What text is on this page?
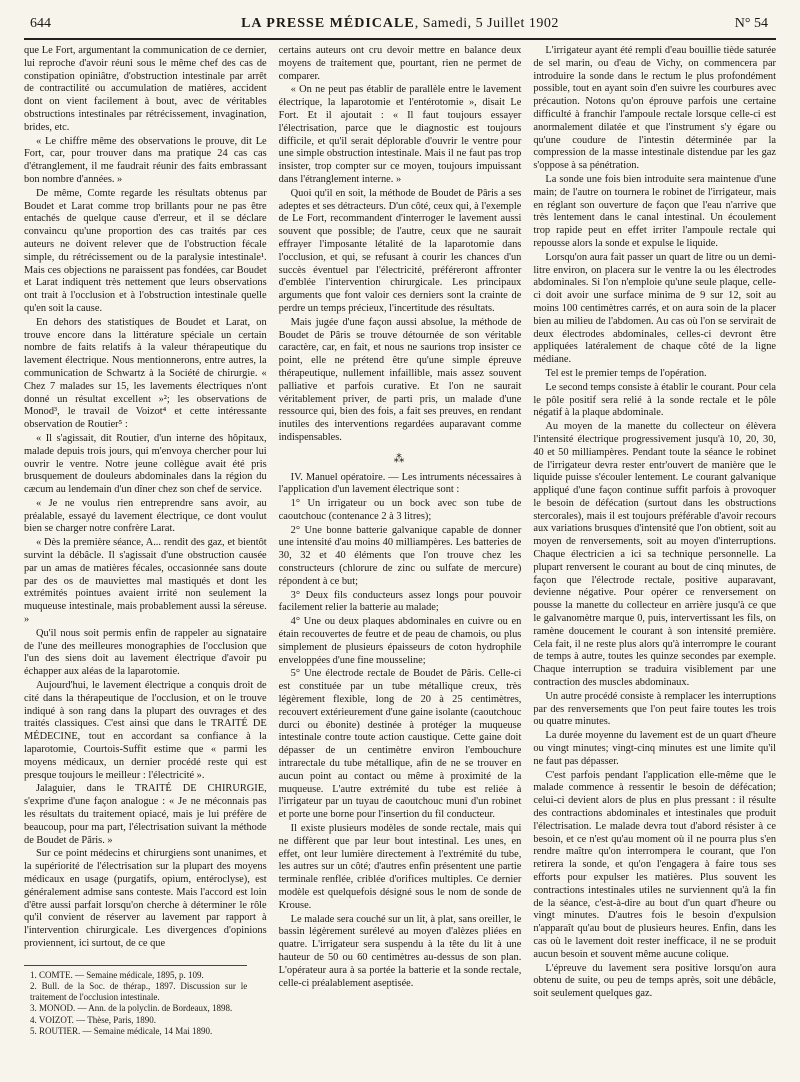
644	LA PRESSE MÉDICALE, Samedi, 5 Juillet 1902	N° 54

que Le Fort, argumentant la communication de ce dernier, lui reproche d'avoir réuni sous le même chef des cas de constipation opiniâtre, d'obstruction intestinale par arrêt de contractilité ou accumulation de matières, accident dont on vient facilement à bout, avec de véritables obstructions intestinales par rétrécissement, invagination, brides, etc.

« Le chiffre même des observations le prouve, dit Le Fort, car, pour trouver dans ma pratique 24 cas cas d'étranglement, il me faudrait réunir des faits embrassant bon nombre d'années. »

De même, Comte regarde les résultats obtenus par Boudet et Larat comme trop brillants pour ne pas être entachés de quelque cause d'erreur, et il se déclare convaincu qu'une proportion des cas traités par ces auteurs ne doivent relever que de l'obstruction fécale simple, du rétrécissement ou de la paralysie intestinale¹. Mais ces objections ne paraissent pas fondées, car Boudet et Larat indiquent très nettement que leurs observations ont trait à l'occlusion et à l'obstruction intestinale quelle qu'en soit la cause.

En dehors des statistiques de Boudet et Larat, on trouve encore dans la littérature spéciale un certain nombre de faits relatifs à la valeur thérapeutique du lavement électrique. Nous mentionnerons, entre autres, la communication de Schwartz à la Société de chirurgie. « Chez 7 malades sur 15, les lavements électriques n'ont donné un résultat excellent »²; les observations de Monod³, le travail de Voizot⁴ et cette intéressante observation de Routier⁵ :

« Il s'agissait, dit Routier, d'un interne des hôpitaux, malade depuis trois jours, qui m'envoya chercher pour lui ouvrir le ventre. Notre jeune collègue avait été pris brusquement de douleurs abdominales dans la région du cæcum au lendemain d'un dîner chez son chef de service.

« Je ne voulus rien entreprendre sans avoir, au préalable, essayé du lavement électrique, ce dont voulut bien se charger notre confrère Larat.

« Dès la première séance, A... rendit des gaz, et bientôt survint la débâcle. Il s'agissait d'une obstruction causée par un amas de matières fécales, occasionnée sans doute par des os de mauviettes mal mastiqués et dont les extrémités pointues avaient irrité non seulement la muqueuse intestinale, mais probablement aussi la séreuse. »

Qu'il nous soit permis enfin de rappeler au signataire de l'une des meilleures monographies de l'occlusion que l'un des siens doit au lavement électrique d'avoir pu échapper aux aléas de la laparotomie.

Aujourd'hui, le lavement électrique a conquis droit de cité dans la thérapeutique de l'occlusion, et on le trouve indiqué à son rang dans la plupart des ouvrages et des traités classiques. C'est ainsi que dans le TRAITÉ DE MÉDECINE, tout en accordant sa confiance à la laparotomie, Courtois-Suffit estime que « parmi les moyens médicaux, un dernier procédé reste qui est presque toujours le meilleur : l'électricité ».

Jalaguier, dans le TRAITÉ DE CHIRURGIE, s'exprime d'une façon analogue : « Je ne méconnais pas les résultats du traitement opiacé, mais je lui préfère de beaucoup, pour ma part, l'électrisation suivant la méthode de Boudet de Pâris. »

Sur ce point médecins et chirurgiens sont unanimes, et la supériorité de l'électrisation sur la plupart des moyens médicaux en usage (purgatifs, opium, entéroclyse), est généralement admise sans conteste. Mais l'accord est loin d'être aussi parfait lorsqu'on cherche à déterminer le rôle qu'il convient de réserver au lavement par rapport à l'intervention chirurgicale. Les divergences d'opinions proviennent, ici surtout, de ce que

1. COMTE. — Semaine médicale, 1895, p. 109.
2. Bull. de la Soc. de thérap., 1897. Discussion sur le traitement de l'occlusion intestinale.
3. MONOD. — Ann. de la polyclin. de Bordeaux, 1898.
4. VOIZOT. — Thèse, Paris, 1890.
5. ROUTIER. — Semaine médicale, 14 Mai 1890.

certains auteurs ont cru devoir mettre en balance deux moyens de traitement que, pourtant, rien ne permet de comparer.

« On ne peut pas établir de parallèle entre le lavement électrique, la laparotomie et l'entérotomie », disait Le Fort. Et il ajoutait : « Il faut toujours essayer l'électrisation, parce que le diagnostic est toujours difficile, et qu'il serait déplorable d'ouvrir le ventre pour une simple obstruction intestinale. Mais il ne faut pas trop insister, trop compter sur ce moyen, toujours impuissant dans l'étranglement interne. »

Quoi qu'il en soit, la méthode de Boudet de Pâris a ses adeptes et ses détracteurs. D'un côté, ceux qui, à l'exemple de Le Fort, recommandent d'interroger le lavement aussi souvent que possible; de l'autre, ceux que ne saurait effrayer l'imposante létalité de la laparotomie dans l'occlusion, et qui, se refusant à courir les chances d'un succès éventuel par l'électricité, préféreront affronter d'emblée l'intervention chirurgicale. Les principaux arguments que font valoir ces derniers sont la crainte de perdre un temps précieux, l'incertitude des résultats.

Mais jugée d'une façon aussi absolue, la méthode de Boudet de Pâris se trouve détournée de son véritable caractère, car, en fait, et nous ne saurions trop insister ce point, elle ne prétend être qu'une simple épreuve thérapeutique, nullement infaillible, mais assez souvent palliative et parfois curative. Et l'on ne saurait véritablement priver, de parti pris, un malade d'une ressource qui, bien des fois, a fait ses preuves, en rendant inutiles des interventions regardées auparavant comme indispensables.

⁂

IV. Manuel opératoire. — Les intruments nécessaires à l'application d'un lavement électrique sont :

1° Un irrigateur ou un bock avec son tube de caoutchouc (contenance 2 à 3 litres);

2° Une bonne batterie galvanique capable de donner une intensité d'au moins 40 milliampères. Les batteries de 30, 32 et 40 éléments que l'on trouve chez les constructeurs (chlorure de zinc ou sulfate de mercure) répondent à ce but;

3° Deux fils conducteurs assez longs pour pouvoir facilement relier la batterie au malade;

4° Une ou deux plaques abdominales en cuivre ou en étain recouvertes de feutre et de peau de chamois, ou plus simplement de plusieurs épaisseurs de coton hydrophile enveloppées d'une fine mousseline;

5° Une électrode rectale de Boudet de Pâris. Celle-ci est constituée par un tube métallique creux, très légèrement flexible, long de 20 à 25 centimètres, recouvert extérieurement d'une gaine isolante (caoutchouc durci ou ébonite) destinée à protéger la muqueuse intestinale contre toute action caustique. Cette gaine doit dépasser de un centimètre environ l'embouchure intrarectale du tube métallique, afin de ne se trouver en aucun point au contact ou même à proximité de la muqueuse. L'autre extrémité du tube est reliée à l'irrigateur par un tuyau de caoutchouc muni d'un robinet et porte une borne pour l'insertion du fil conducteur.

Il existe plusieurs modèles de sonde rectale, mais qui ne diffèrent que par leur bout intestinal. Les unes, en effet, ont leur lumière directement à l'extrémité du tube, les autres sur un côté; d'autres enfin présentent une partie terminale renflée, criblée d'orifices multiples. Ce dernier modèle est quelquefois désigné sous le nom de sonde de Krouse.

Le malade sera couché sur un lit, à plat, sans oreiller, le bassin légèrement surélevé au moyen d'alèzes pliées en quatre. L'irrigateur sera suspendu à la tête du lit à une hauteur de 50 ou 60 centimètres au-dessus de son plan. L'opérateur aura à sa portée la batterie et la sonde rectale, celle-ci préalablement aseptisée.

L'irrigateur ayant été rempli d'eau bouillie tiède saturée de sel marin, ou d'eau de Vichy, on commencera par introduire la sonde dans le rectum le plus profondément possible, tout en ayant soin d'en suivre les courbures avec précaution. Notons qu'on éprouve parfois une certaine difficulté à franchir l'ampoule rectale lorsque celle-ci est anormalement dilatée et que l'instrument s'y égare ou qu'une coudure de l'intestin déterminée par la compression de la masse intestinale distendue par les gaz s'oppose à sa pénétration.

La sonde une fois bien introduite sera maintenue d'une main; de l'autre on tournera le robinet de l'irrigateur, mais en réglant son ouverture de façon que l'eau n'arrive que très lentement dans le canal intestinal. Un écoulement trop rapide peut en effet irriter l'ampoule rectale qui repousse alors la sonde et expulse le liquide.

Lorsqu'on aura fait passer un quart de litre ou un demi-litre environ, on placera sur le ventre la ou les électrodes abdominales. Si l'on n'emploie qu'une seule plaque, celle-ci doit avoir une surface minima de 9 sur 12, soit au moins 100 centimètres carrés, et on aura soin de la placer bien au milieu de l'abdomen. Au cas où l'on se servirait de deux électrodes abdominales, celles-ci devront être appliquées latéralement de chaque côté de la ligne médiane.

Tel est le premier temps de l'opération.

Le second temps consiste à établir le courant. Pour cela le pôle positif sera relié à la sonde rectale et le pôle négatif à la plaque abdominale.

Au moyen de la manette du collecteur on élèvera l'intensité électrique progressivement jusqu'à 10, 20, 30, 40 et 50 milliampères. Pendant toute la séance le robinet de l'irrigateur devra rester entr'ouvert de manière que le liquide puisse s'écouler lentement. Le courant galvanique appliqué d'une façon continue suffit parfois à provoquer le besoin de défécation (surtout dans les obstructions stercorales), mais il est toujours préférable d'avoir recours aux variations brusques d'intensité que l'on obtient, soit au moyen de renversements, soit au moyen d'interruptions. Chaque électricien a ici sa technique personnelle. La plupart renversent le courant au bout de cinq minutes, de façon que l'électrode rectale, positive auparavant, devienne négative. Pour opérer ce renversement on pousse la manette du collecteur en arrière jusqu'à ce que le galvanomètre marque 0, puis, intervertissant les fils, on ramène doucement le courant à son intensité première. Cela fait, il ne reste plus alors qu'à interrompre le courant de temps à autre, toutes les quinze secondes par exemple. Chaque interruption se traduira visiblement par une contraction des muscles abdominaux.

Un autre procédé consiste à remplacer les interruptions par des renversements que l'on peut faire toutes les trois ou quatre minutes.

La durée moyenne du lavement est de un quart d'heure ou vingt minutes; vingt-cinq minutes est une limite qu'il ne faut pas dépasser.

C'est parfois pendant l'application elle-même que le malade commence à ressentir le besoin de défécation; celui-ci devient alors de plus en plus pressant : il résulte des contractions abdominales et intestinales que produit l'électrisation. Le malade devra tout d'abord résister à ce besoin, et ce n'est qu'au moment où il ne pourra plus s'en rendre maître qu'on interrompera le courant, que l'on retirera la sonde, et qu'on l'engagera à faire tous ses efforts pour expulser les matières. Plus souvent les contractions intestinales utiles ne surviennent qu'à la fin de la séance, c'est-à-dire au bout d'un quart d'heure ou vingt minutes. D'autres fois le besoin d'expulsion n'apparaît qu'au bout de plusieurs heures. Enfin, dans les cas où le lavement doit rester inefficace, il ne se produit aucun besoin et souvent même aucune colique.

L'épreuve du lavement sera positive lorsqu'on aura obtenu de suite, ou peu de temps après, soit une débâcle, soit seulement quelques gaz.
